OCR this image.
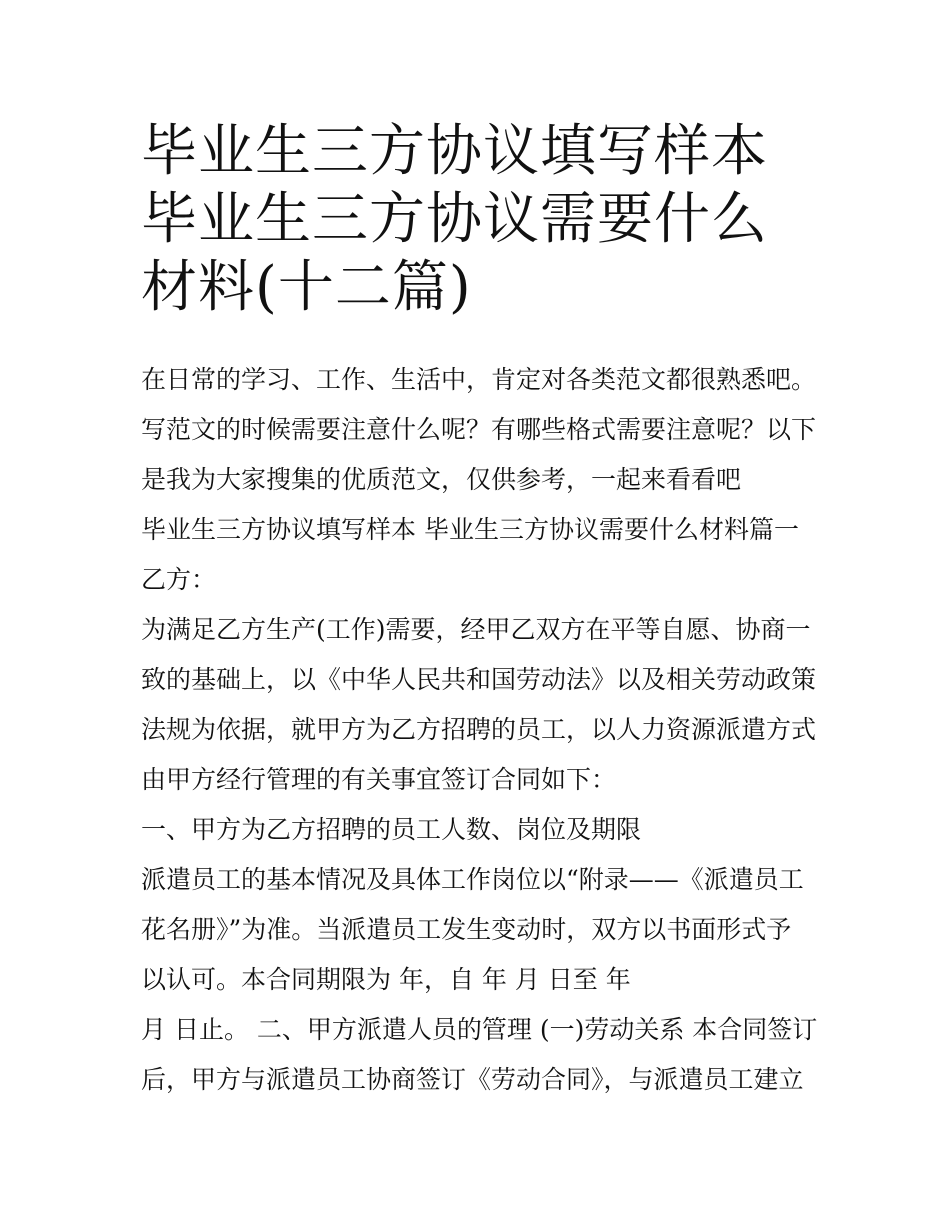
毕业生三方协议填写样本 毕业生三方协议需要什么材料(十二篇)
在日常的学习、工作、生活中，肯定对各类范文都很熟悉吧。
写范文的时候需要注意什么呢？有哪些格式需要注意呢？以下
是我为大家搜集的优质范文，仅供参考，一起来看看吧
毕业生三方协议填写样本 毕业生三方协议需要什么材料篇一
乙方：
为满足乙方生产(工作)需要，经甲乙双方在平等自愿、协商一
致的基础上，以《中华人民共和国劳动法》以及相关劳动政策
法规为依据，就甲方为乙方招聘的员工，以人力资源派遣方式
由甲方经行管理的有关事宜签订合同如下：
一、甲方为乙方招聘的员工人数、岗位及期限
派遣员工的基本情况及具体工作岗位以“附录——《派遣员工
花名册》”为准。当派遣员工发生变动时，双方以书面形式予
以认可。本合同期限为 年，自 年 月 日至 年
月 日止。 二、甲方派遣人员的管理 (一)劳动关系 本合同签订
后，甲方与派遣员工协商签订《劳动合同》，与派遣员工建立
